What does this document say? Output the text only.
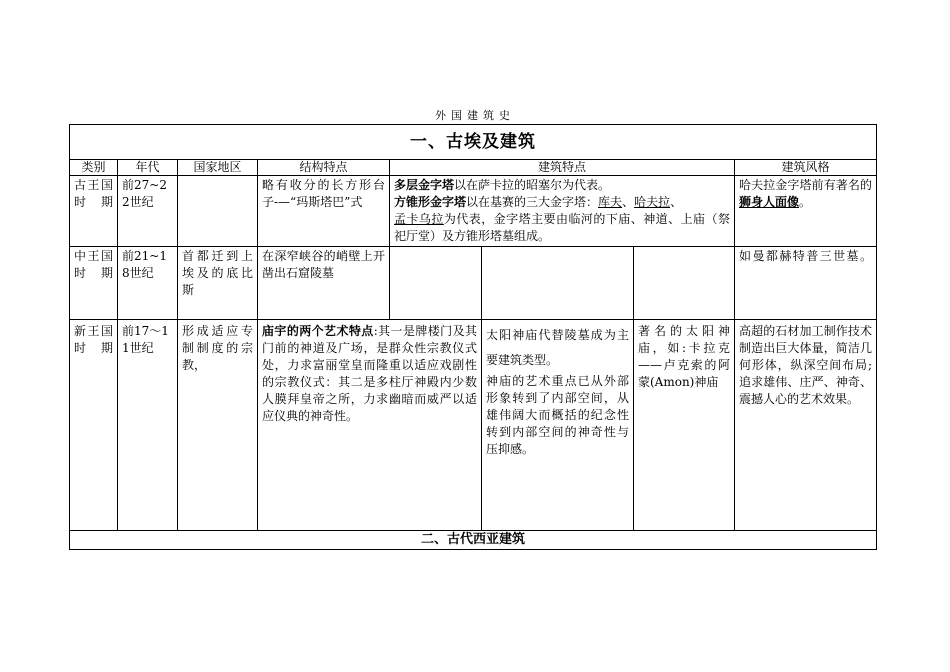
外国建筑史
一、古埃及建筑							
类别	年代	国家地区	结构特点	建筑特点			建筑风格
古王国时期	前27~22世纪		略有收分的长方形台子-—“玛斯塔巴”式	多层金字塔以在萨卡拉的昭塞尔为代表。
方锥形金字塔以在基赛的三大金字塔：库夫、哈夫拉、
孟卡乌拉为代表，金字塔主要由临河的下庙、神道、上庙（祭祀厅堂）及方锥形塔墓组成。			哈夫拉金字塔前有著名的狮身人面像。
中王国时期	前21~18世纪	首都迁到上埃及的底比斯	在深窄峡谷的峭壁上开凿出石窟陵墓				如曼都赫特普三世墓。
新王国时期	前17～11世纪	形成适应专制制度的宗教，	庙宇的两个艺术特点:其一是牌楼门及其门前的神道及广场，是群众性宗教仪式处，力求富丽堂皇而隆重以适应戏剧性的宗教仪式：其二是多柱厅神殿内少数人膜拜皇帝之所，力求幽暗而威严以适应仪典的神奇性。		太阳神庙代替陵墓成为主要建筑类型。
神庙的艺术重点已从外部形象转到了内部空间，从雄伟阔大而概括的纪念性转到内部空间的神奇性与压抑感。	著名的太阳神庙，如:卡拉克——卢克索的阿蒙(Amon)神庙	高超的石材加工制作技术制造出巨大体量，简洁几何形体，纵深空间布局;追求雄伟、庄严、神奇、震撼人心的艺术效果。
二、古代西亚建筑							
